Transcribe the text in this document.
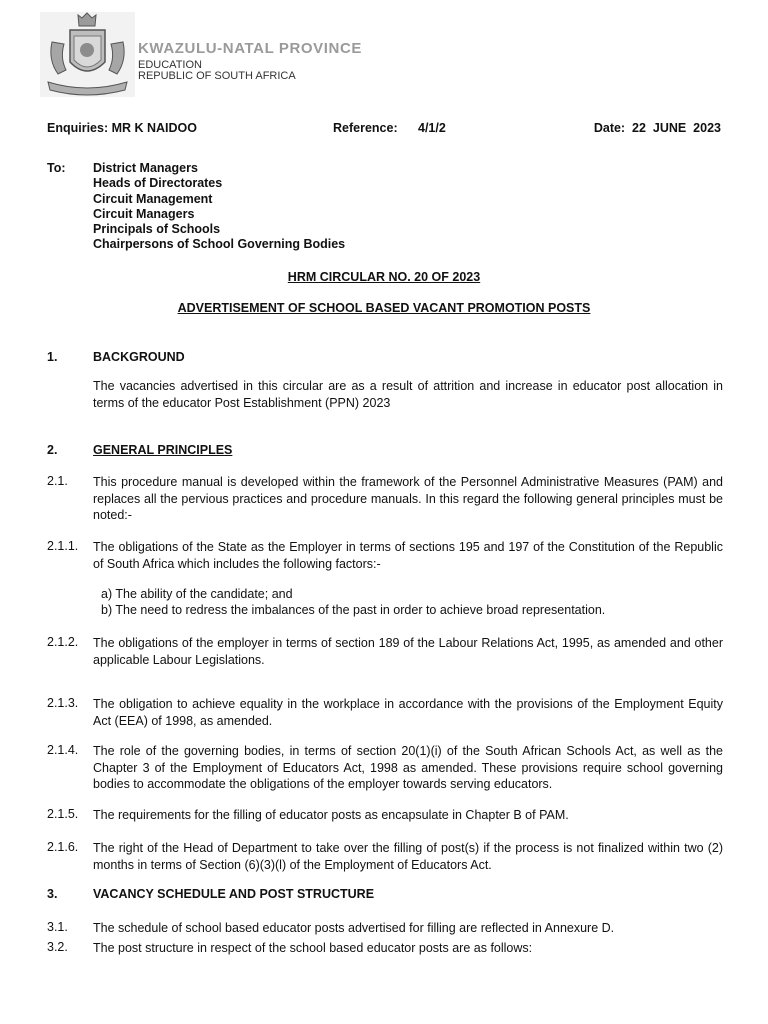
KWAZULU-NATAL PROVINCE
EDUCATION
REPUBLIC OF SOUTH AFRICA
Enquiries: MR K NAIDOO	Reference: 4/1/2	Date:  22  JUNE  2023
To: District Managers
Heads of Directorates
Circuit Management
Circuit Managers
Principals of Schools
Chairpersons of School Governing Bodies
HRM CIRCULAR NO. 20 OF 2023
ADVERTISEMENT OF SCHOOL BASED VACANT PROMOTION POSTS
1.	BACKGROUND
The vacancies advertised in this circular are as a result of attrition and increase in educator post allocation in terms of the educator Post Establishment (PPN) 2023
2.	GENERAL PRINCIPLES
2.1. This procedure manual is developed within the framework of the Personnel Administrative Measures (PAM) and replaces all the pervious practices and procedure manuals. In this regard the following general principles must be noted:-
2.1.1. The obligations of the State as the Employer in terms of sections 195 and 197 of the Constitution of the Republic of South Africa which includes the following factors:-
a) The ability of the candidate; and
b) The need to redress the imbalances of the past in order to achieve broad representation.
2.1.2. The obligations of the employer in terms of section 189 of the Labour Relations Act, 1995, as amended and other applicable Labour Legislations.
2.1.3. The obligation to achieve equality in the workplace in accordance with the provisions of the Employment Equity Act (EEA) of 1998, as amended.
2.1.4. The role of the governing bodies, in terms of section 20(1)(i) of the South African Schools Act, as well as the Chapter 3 of the Employment of Educators Act, 1998 as amended. These provisions require school governing bodies to accommodate the obligations of the employer towards serving educators.
2.1.5. The requirements for the filling of educator posts as encapsulate in Chapter B of PAM.
2.1.6. The right of the Head of Department to take over the filling of post(s) if the process is not finalized within two (2) months in terms of Section (6)(3)(l) of the Employment of Educators Act.
3.	VACANCY SCHEDULE AND POST STRUCTURE
3.1. The schedule of school based educator posts advertised for filling are reflected in Annexure D.
3.2. The post structure in respect of the school based educator posts are as follows:
